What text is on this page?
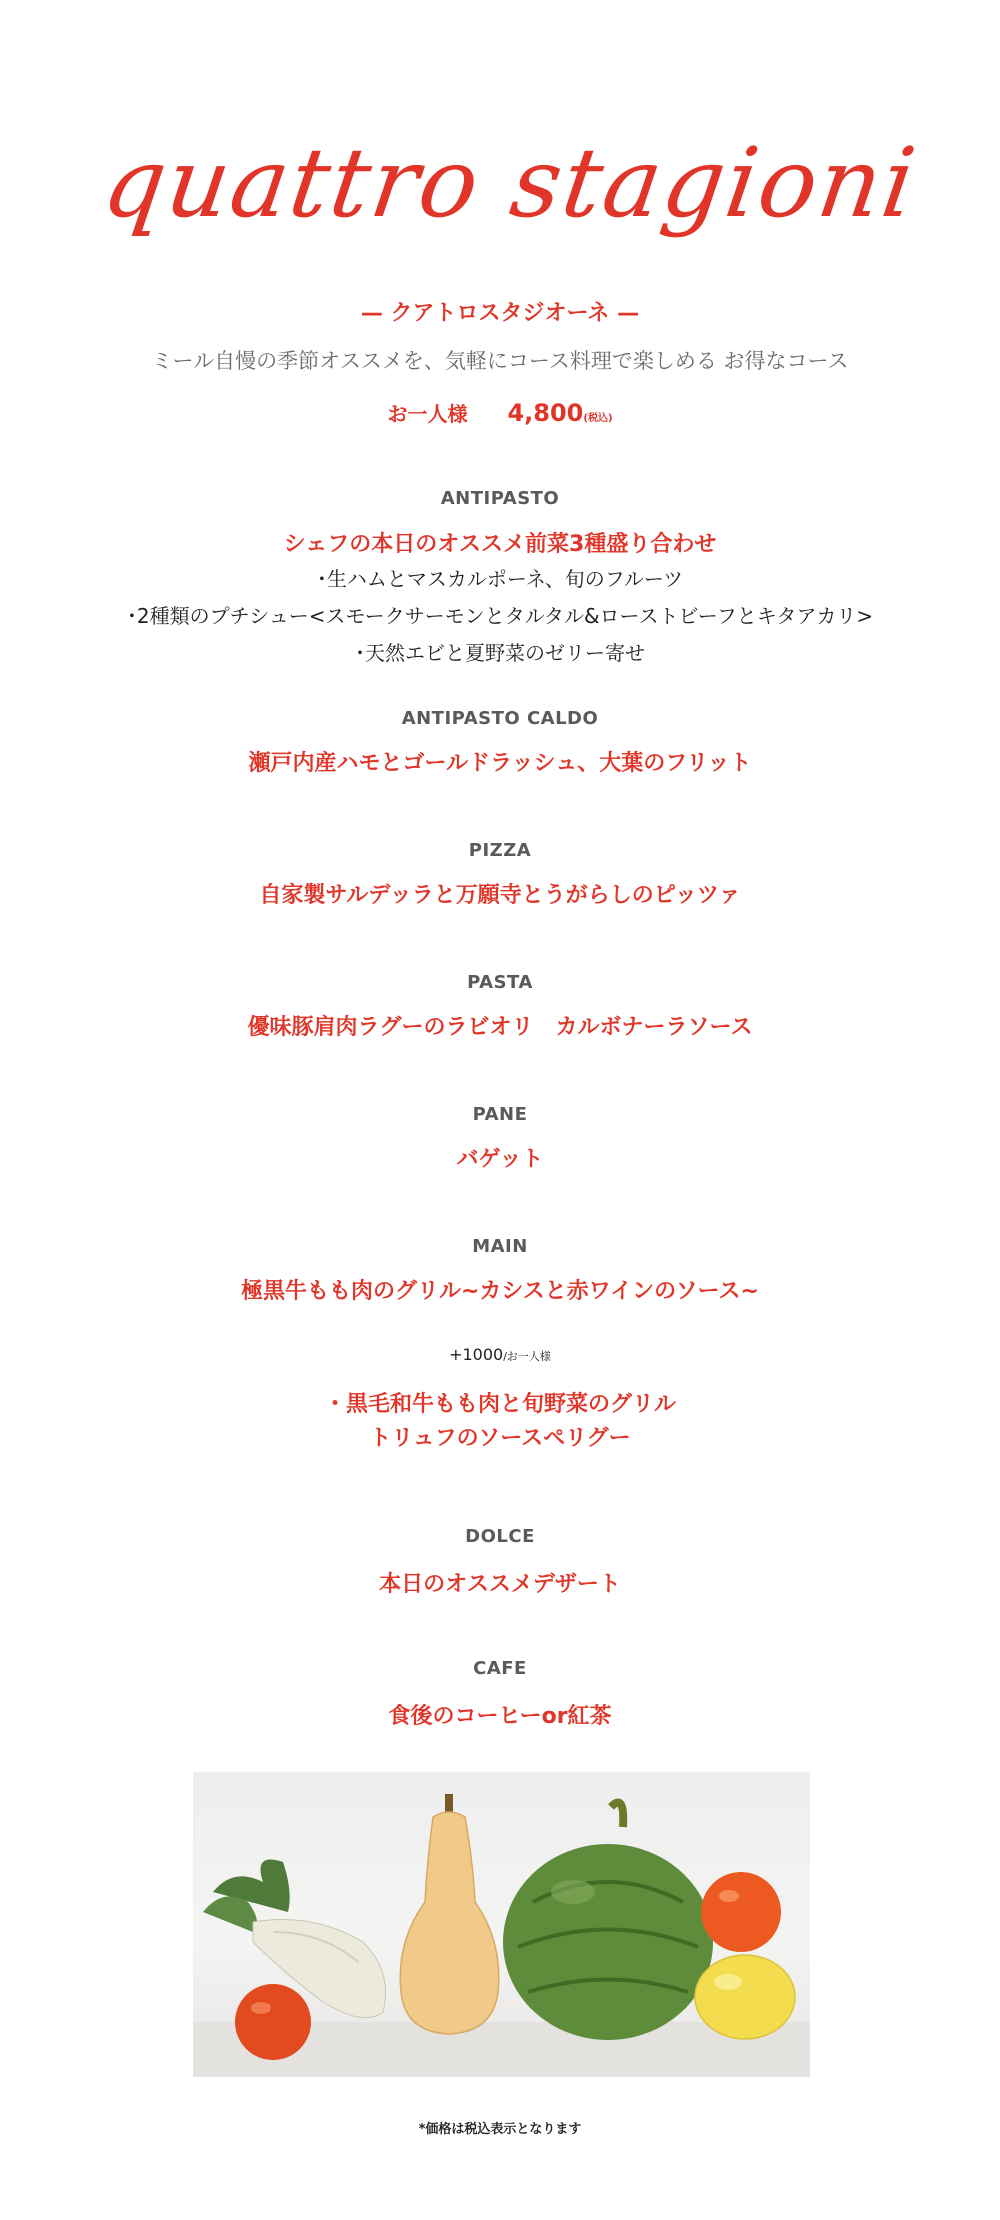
quattro stagioni
— クアトロスタジオーネ —
ミール自慢の季節オススメを、気軽にコース料理で楽しめる お得なコース
お一人様 4,800(税込)
ANTIPASTO
シェフの本日のオススメ前菜3種盛り合わせ
･生ハムとマスカルポーネ、旬のフルーツ
･2種類のプチシュー<スモークサーモンとタルタル&ローストビーフとキタアカリ>
･天然エビと夏野菜のゼリー寄せ
ANTIPASTO CALDO
瀬戸内産ハモとゴールドラッシュ、大葉のフリット
PIZZA
自家製サルデッラと万願寺とうがらしのピッツァ
PASTA
優味豚肩肉ラグーのラビオリ　カルボナーラソース
PANE
バゲット
MAIN
極黒牛もも肉のグリル~カシスと赤ワインのソース~
+1000/お一人様
・黒毛和牛もも肉と旬野菜のグリル
トリュフのソースペリグー
DOLCE
本日のオススメデザート
CAFE
食後のコーヒーor紅茶
*価格は税込表示となります
